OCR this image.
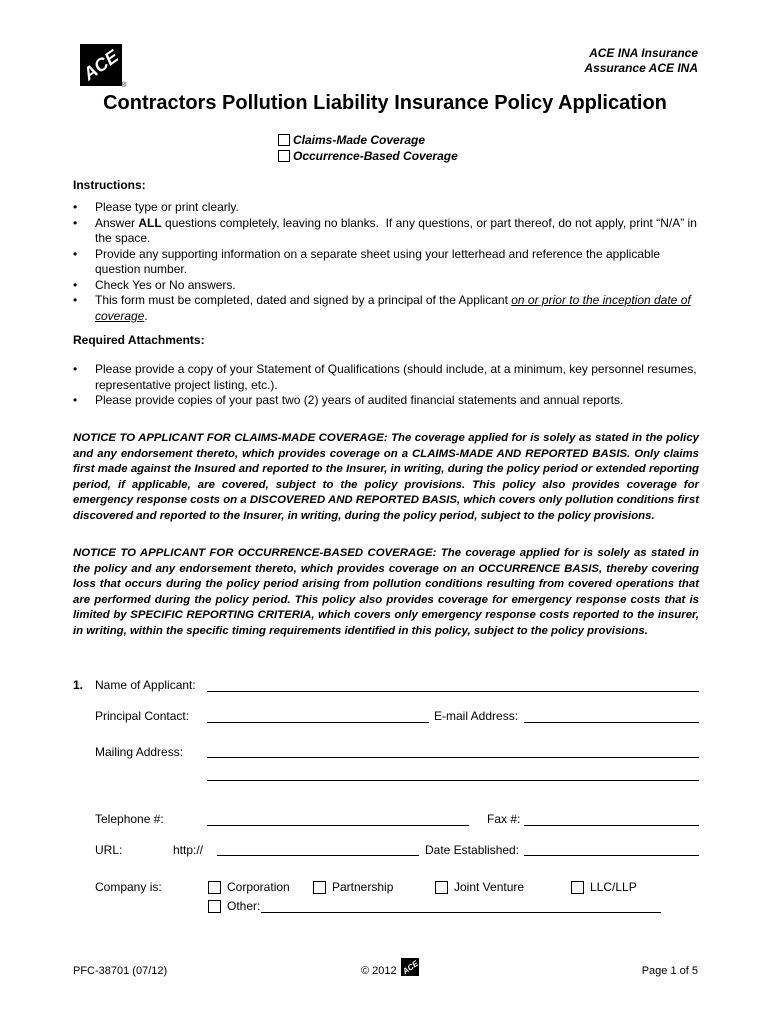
ACE
®
ACE INA Insurance
Assurance ACE INA
Contractors Pollution Liability Insurance Policy Application
Claims-Made Coverage
Occurrence-Based Coverage
Instructions:
• Please type or print clearly.
• Answer ALL questions completely, leaving no blanks.  If any questions, or part thereof, do not apply, print “N/A” in the space.
• Provide any supporting information on a separate sheet using your letterhead and reference the applicable question number.
• Check Yes or No answers.
• This form must be completed, dated and signed by a principal of the Applicant on or prior to the inception date of coverage.
Required Attachments:
• Please provide a copy of your Statement of Qualifications (should include, at a minimum, key personnel resumes, representative project listing, etc.).
• Please provide copies of your past two (2) years of audited financial statements and annual reports.
NOTICE TO APPLICANT FOR CLAIMS-MADE COVERAGE: The coverage applied for is solely as stated in the policy and any endorsement thereto, which provides coverage on a CLAIMS-MADE AND REPORTED BASIS. Only claims first made against the Insured and reported to the Insurer, in writing, during the policy period or extended reporting period, if applicable, are covered, subject to the policy provisions. This policy also provides coverage for emergency response costs on a DISCOVERED AND REPORTED BASIS, which covers only pollution conditions first discovered and reported to the Insurer, in writing, during the policy period, subject to the policy provisions.
NOTICE TO APPLICANT FOR OCCURRENCE-BASED COVERAGE: The coverage applied for is solely as stated in the policy and any endorsement thereto, which provides coverage on an OCCURRENCE BASIS, thereby covering loss that occurs during the policy period arising from pollution conditions resulting from covered operations that are performed during the policy period. This policy also provides coverage for emergency response costs that is limited by SPECIFIC REPORTING CRITERIA, which covers only emergency response costs reported to the insurer, in writing, within the specific timing requirements identified in this policy, subject to the policy provisions.
1. Name of Applicant:
Principal Contact:	E-mail Address:
Mailing Address:
Telephone #:	Fax #:
URL:	http://	Date Established:
Company is:	Corporation	Partnership	Joint Venture	LLC/LLP
Other:
PFC-38701 (07/12)	© 2012 ACE	Page 1 of 5
